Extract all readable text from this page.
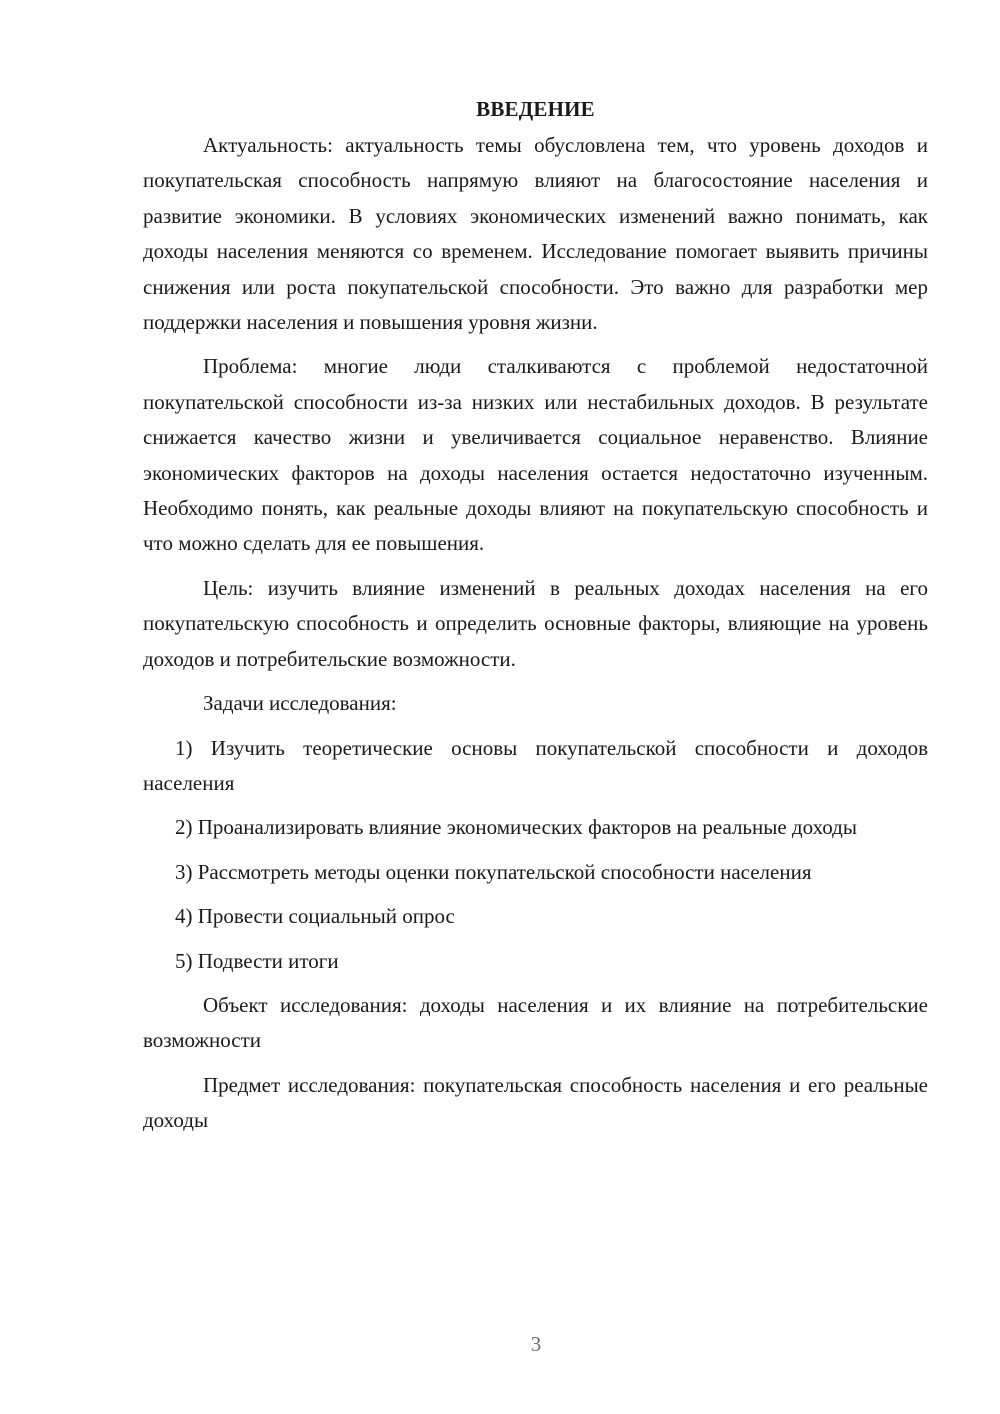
ВВЕДЕНИЕ

Актуальность: актуальность темы обусловлена тем, что уровень доходов и покупательская способность напрямую влияют на благосостояние населения и развитие экономики. В условиях экономических изменений важно понимать, как доходы населения меняются со временем. Исследование помогает выявить причины снижения или роста покупательской способности. Это важно для разработки мер поддержки населения и повышения уровня жизни.

Проблема: многие люди сталкиваются с проблемой недостаточной покупательской способности из-за низких или нестабильных доходов. В результате снижается качество жизни и увеличивается социальное неравенство. Влияние экономических факторов на доходы населения остается недостаточно изученным. Необходимо понять, как реальные доходы влияют на покупательскую способность и что можно сделать для ее повышения.

Цель: изучить влияние изменений в реальных доходах населения на его покупательскую способность и определить основные факторы, влияющие на уровень доходов и потребительские возможности.

Задачи исследования:

1) Изучить теоретические основы покупательской способности и доходов населения

2) Проанализировать влияние экономических факторов на реальные доходы

3) Рассмотреть методы оценки покупательской способности населения

4) Провести социальный опрос

5) Подвести итоги

Объект исследования: доходы населения и их влияние на потребительские возможности

Предмет исследования: покупательская способность населения и его реальные доходы

3
